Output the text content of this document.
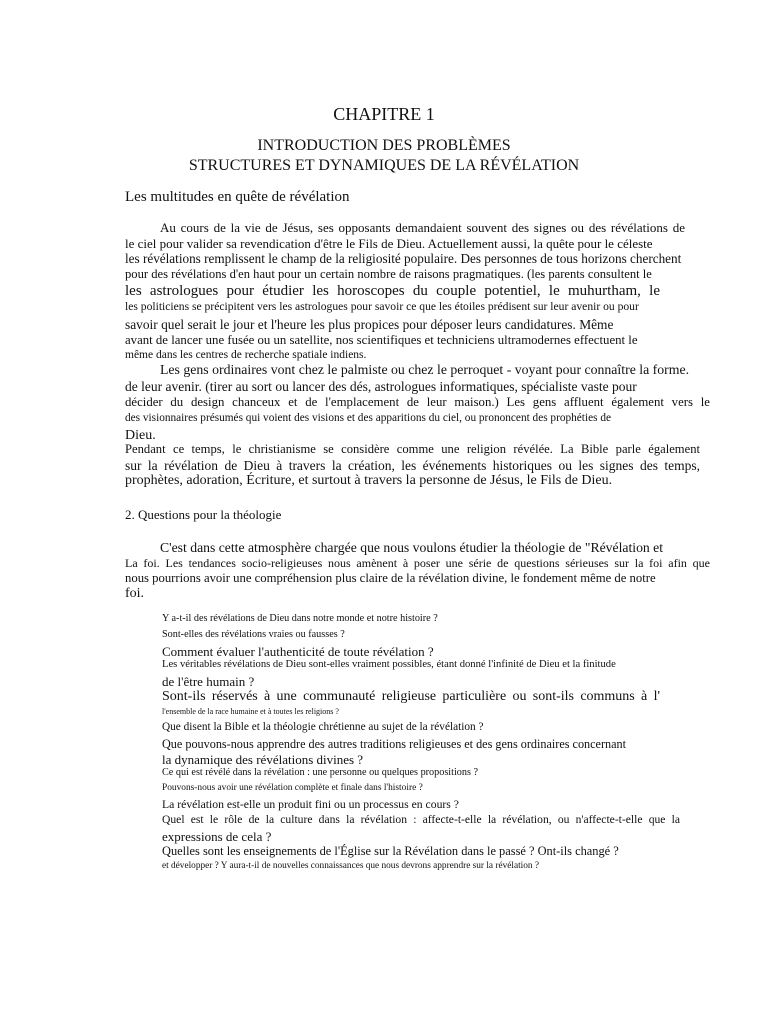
CHAPITRE 1
INTRODUCTION DES PROBLÈMES
STRUCTURES ET DYNAMIQUES DE LA RÉVÉLATION
Les multitudes en quête de révélation
Au cours de la vie de Jésus, ses opposants demandaient souvent des signes ou des révélations de
le ciel pour valider sa revendication d'être le Fils de Dieu. Actuellement aussi, la quête pour le céleste
les révélations remplissent le champ de la religiosité populaire. Des personnes de tous horizons cherchent
pour des révélations d'en haut pour un certain nombre de raisons pragmatiques. (les parents consultent le
les astrologues pour étudier les horoscopes du couple potentiel, le muhurtham, le
les politiciens se précipitent vers les astrologues pour savoir ce que les étoiles prédisent sur leur avenir ou pour
savoir quel serait le jour et l'heure les plus propices pour déposer leurs candidatures. Même
avant de lancer une fusée ou un satellite, nos scientifiques et techniciens ultramodernes effectuent le
même dans les centres de recherche spatiale indiens.
Les gens ordinaires vont chez le palmiste ou chez le perroquet - voyant pour connaître la forme.
de leur avenir. (tirer au sort ou lancer des dés, astrologues informatiques, spécialiste vaste pour
décider du design chanceux et de l'emplacement de leur maison.) Les gens affluent également vers le
des visionnaires présumés qui voient des visions et des apparitions du ciel, ou prononcent des prophéties de
Dieu.
Pendant ce temps, le christianisme se considère comme une religion révélée. La Bible parle également
sur la révélation de Dieu à travers la création, les événements historiques ou les signes des temps,
prophètes, adoration, Écriture, et surtout à travers la personne de Jésus, le Fils de Dieu.
2. Questions pour la théologie
C'est dans cette atmosphère chargée que nous voulons étudier la théologie de "Révélation et
La foi. Les tendances socio-religieuses nous amènent à poser une série de questions sérieuses sur la foi afin que
nous pourrions avoir une compréhension plus claire de la révélation divine, le fondement même de notre
foi.
Y a-t-il des révélations de Dieu dans notre monde et notre histoire ?
Sont-elles des révélations vraies ou fausses ?
Comment évaluer l'authenticité de toute révélation ?
Les véritables révélations de Dieu sont-elles vraiment possibles, étant donné l'infinité de Dieu et la finitude
de l'être humain ?
Sont-ils réservés à une communauté religieuse particulière ou sont-ils communs à l'
l'ensemble de la race humaine et à toutes les religions ?
Que disent la Bible et la théologie chrétienne au sujet de la révélation ?
Que pouvons-nous apprendre des autres traditions religieuses et des gens ordinaires concernant
la dynamique des révélations divines ?
Ce qui est révélé dans la révélation : une personne ou quelques propositions ?
Pouvons-nous avoir une révélation complète et finale dans l'histoire ?
La révélation est-elle un produit fini ou un processus en cours ?
Quel est le rôle de la culture dans la révélation : affecte-t-elle la révélation, ou n'affecte-t-elle que la
expressions de cela ?
Quelles sont les enseignements de l'Église sur la Révélation dans le passé ? Ont-ils changé ?
et développer ? Y aura-t-il de nouvelles connaissances que nous devrons apprendre sur la révélation ?
